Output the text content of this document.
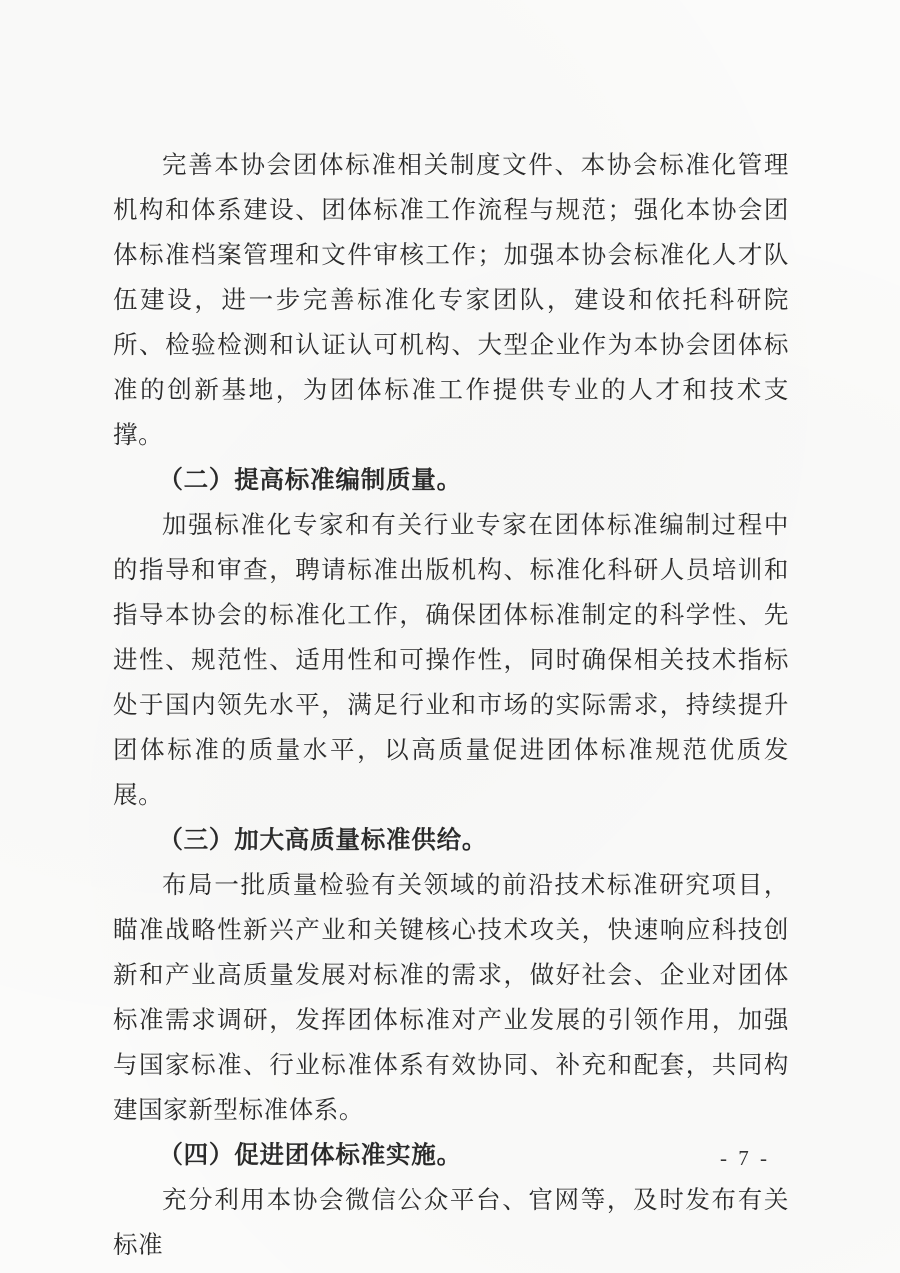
完善本协会团体标准相关制度文件、本协会标准化管理机构和体系建设、团体标准工作流程与规范；强化本协会团体标准档案管理和文件审核工作；加强本协会标准化人才队伍建设，进一步完善标准化专家团队，建设和依托科研院所、检验检测和认证认可机构、大型企业作为本协会团体标准的创新基地，为团体标准工作提供专业的人才和技术支撑。

（二）提高标准编制质量。

加强标准化专家和有关行业专家在团体标准编制过程中的指导和审查，聘请标准出版机构、标准化科研人员培训和指导本协会的标准化工作，确保团体标准制定的科学性、先进性、规范性、适用性和可操作性，同时确保相关技术指标处于国内领先水平，满足行业和市场的实际需求，持续提升团体标准的质量水平，以高质量促进团体标准规范优质发展。

（三）加大高质量标准供给。

布局一批质量检验有关领域的前沿技术标准研究项目，瞄准战略性新兴产业和关键核心技术攻关，快速响应科技创新和产业高质量发展对标准的需求，做好社会、企业对团体标准需求调研，发挥团体标准对产业发展的引领作用，加强与国家标准、行业标准体系有效协同、补充和配套，共同构建国家新型标准体系。

（四）促进团体标准实施。

充分利用本协会微信公众平台、官网等，及时发布有关标准

- 7 -
